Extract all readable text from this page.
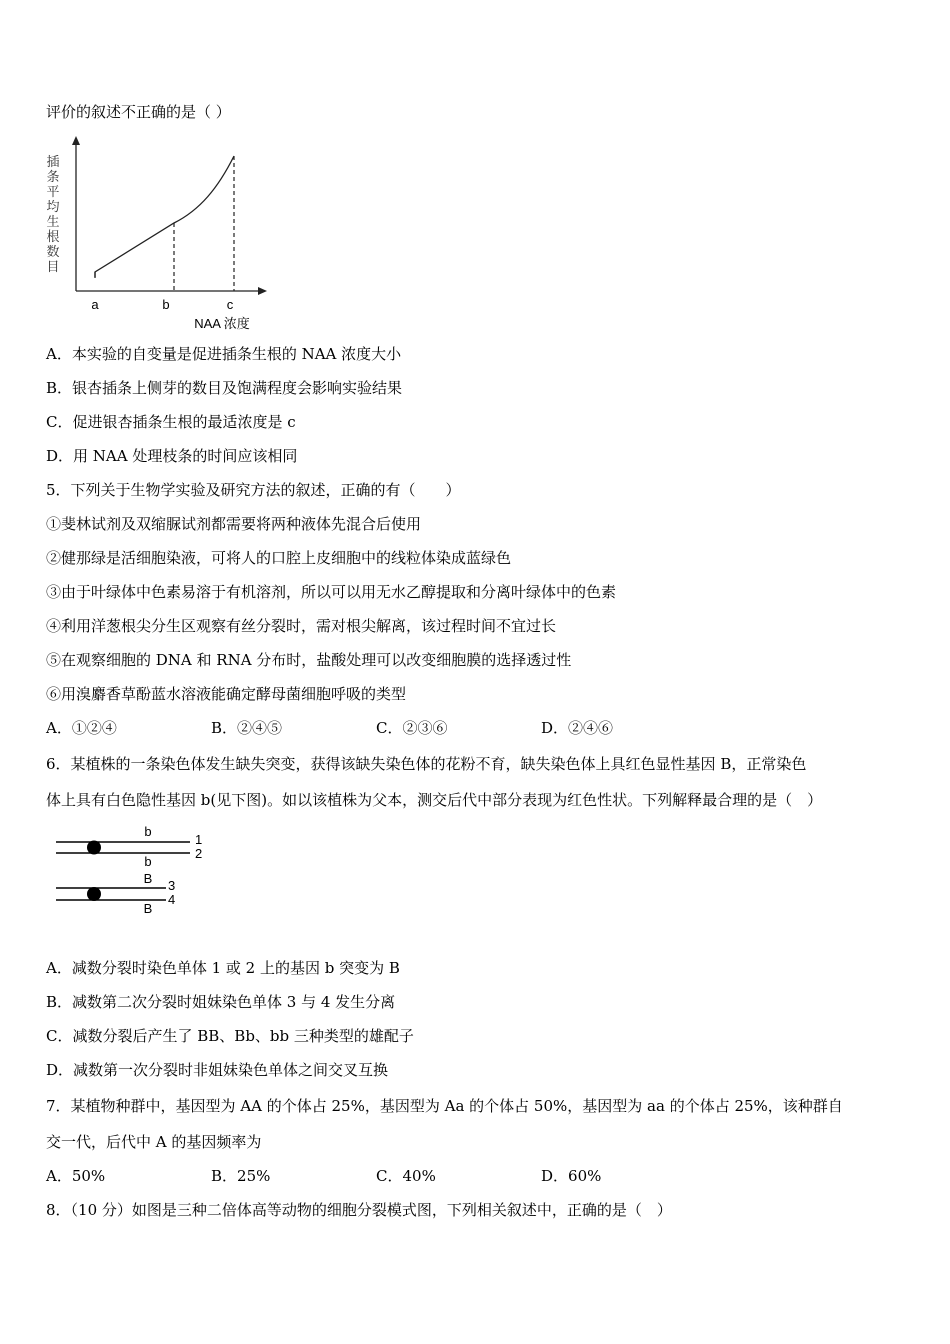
评价的叙述不正确的是（ ）
插
条
平
均
生
根
数
目
a	b	c
NAA 浓度
A．本实验的自变量是促进插条生根的 NAA 浓度大小
B．银杏插条上侧芽的数目及饱满程度会影响实验结果
C．促进银杏插条生根的最适浓度是 c
D．用 NAA 处理枝条的时间应该相同
5．下列关于生物学实验及研究方法的叙述，正确的有（　　）
①斐林试剂及双缩脲试剂都需要将两种液体先混合后使用
②健那绿是活细胞染液，可将人的口腔上皮细胞中的线粒体染成蓝绿色
③由于叶绿体中色素易溶于有机溶剂，所以可以用无水乙醇提取和分离叶绿体中的色素
④利用洋葱根尖分生区观察有丝分裂时，需对根尖解离，该过程时间不宜过长
⑤在观察细胞的 DNA 和 RNA 分布时，盐酸处理可以改变细胞膜的选择透过性
⑥用溴麝香草酚蓝水溶液能确定酵母菌细胞呼吸的类型
A．①②④	B．②④⑤	C．②③⑥	D．②④⑥
6．某植株的一条染色体发生缺失突变，获得该缺失染色体的花粉不育，缺失染色体上具红色显性基因 B，正常染色
体上具有白色隐性基因 b(见下图)。如以该植株为父本，测交后代中部分表现为红色性状。下列解释最合理的是（　）
b
1
2
b
B 3
4
B
A．减数分裂时染色单体 1 或 2 上的基因 b 突变为 B
B．减数第二次分裂时姐妹染色单体 3 与 4 发生分离
C．减数分裂后产生了 BB、Bb、bb 三种类型的雄配子
D．减数第一次分裂时非姐妹染色单体之间交叉互换
7．某植物种群中，基因型为 AA 的个体占 25%，基因型为 Aa 的个体占 50%，基因型为 aa 的个体占 25%，该种群自
交一代，后代中 A 的基因频率为
A．50%	B．25%	C．40%	D．60%
8．（10 分）如图是三种二倍体高等动物的细胞分裂模式图，下列相关叙述中，正确的是（　）
